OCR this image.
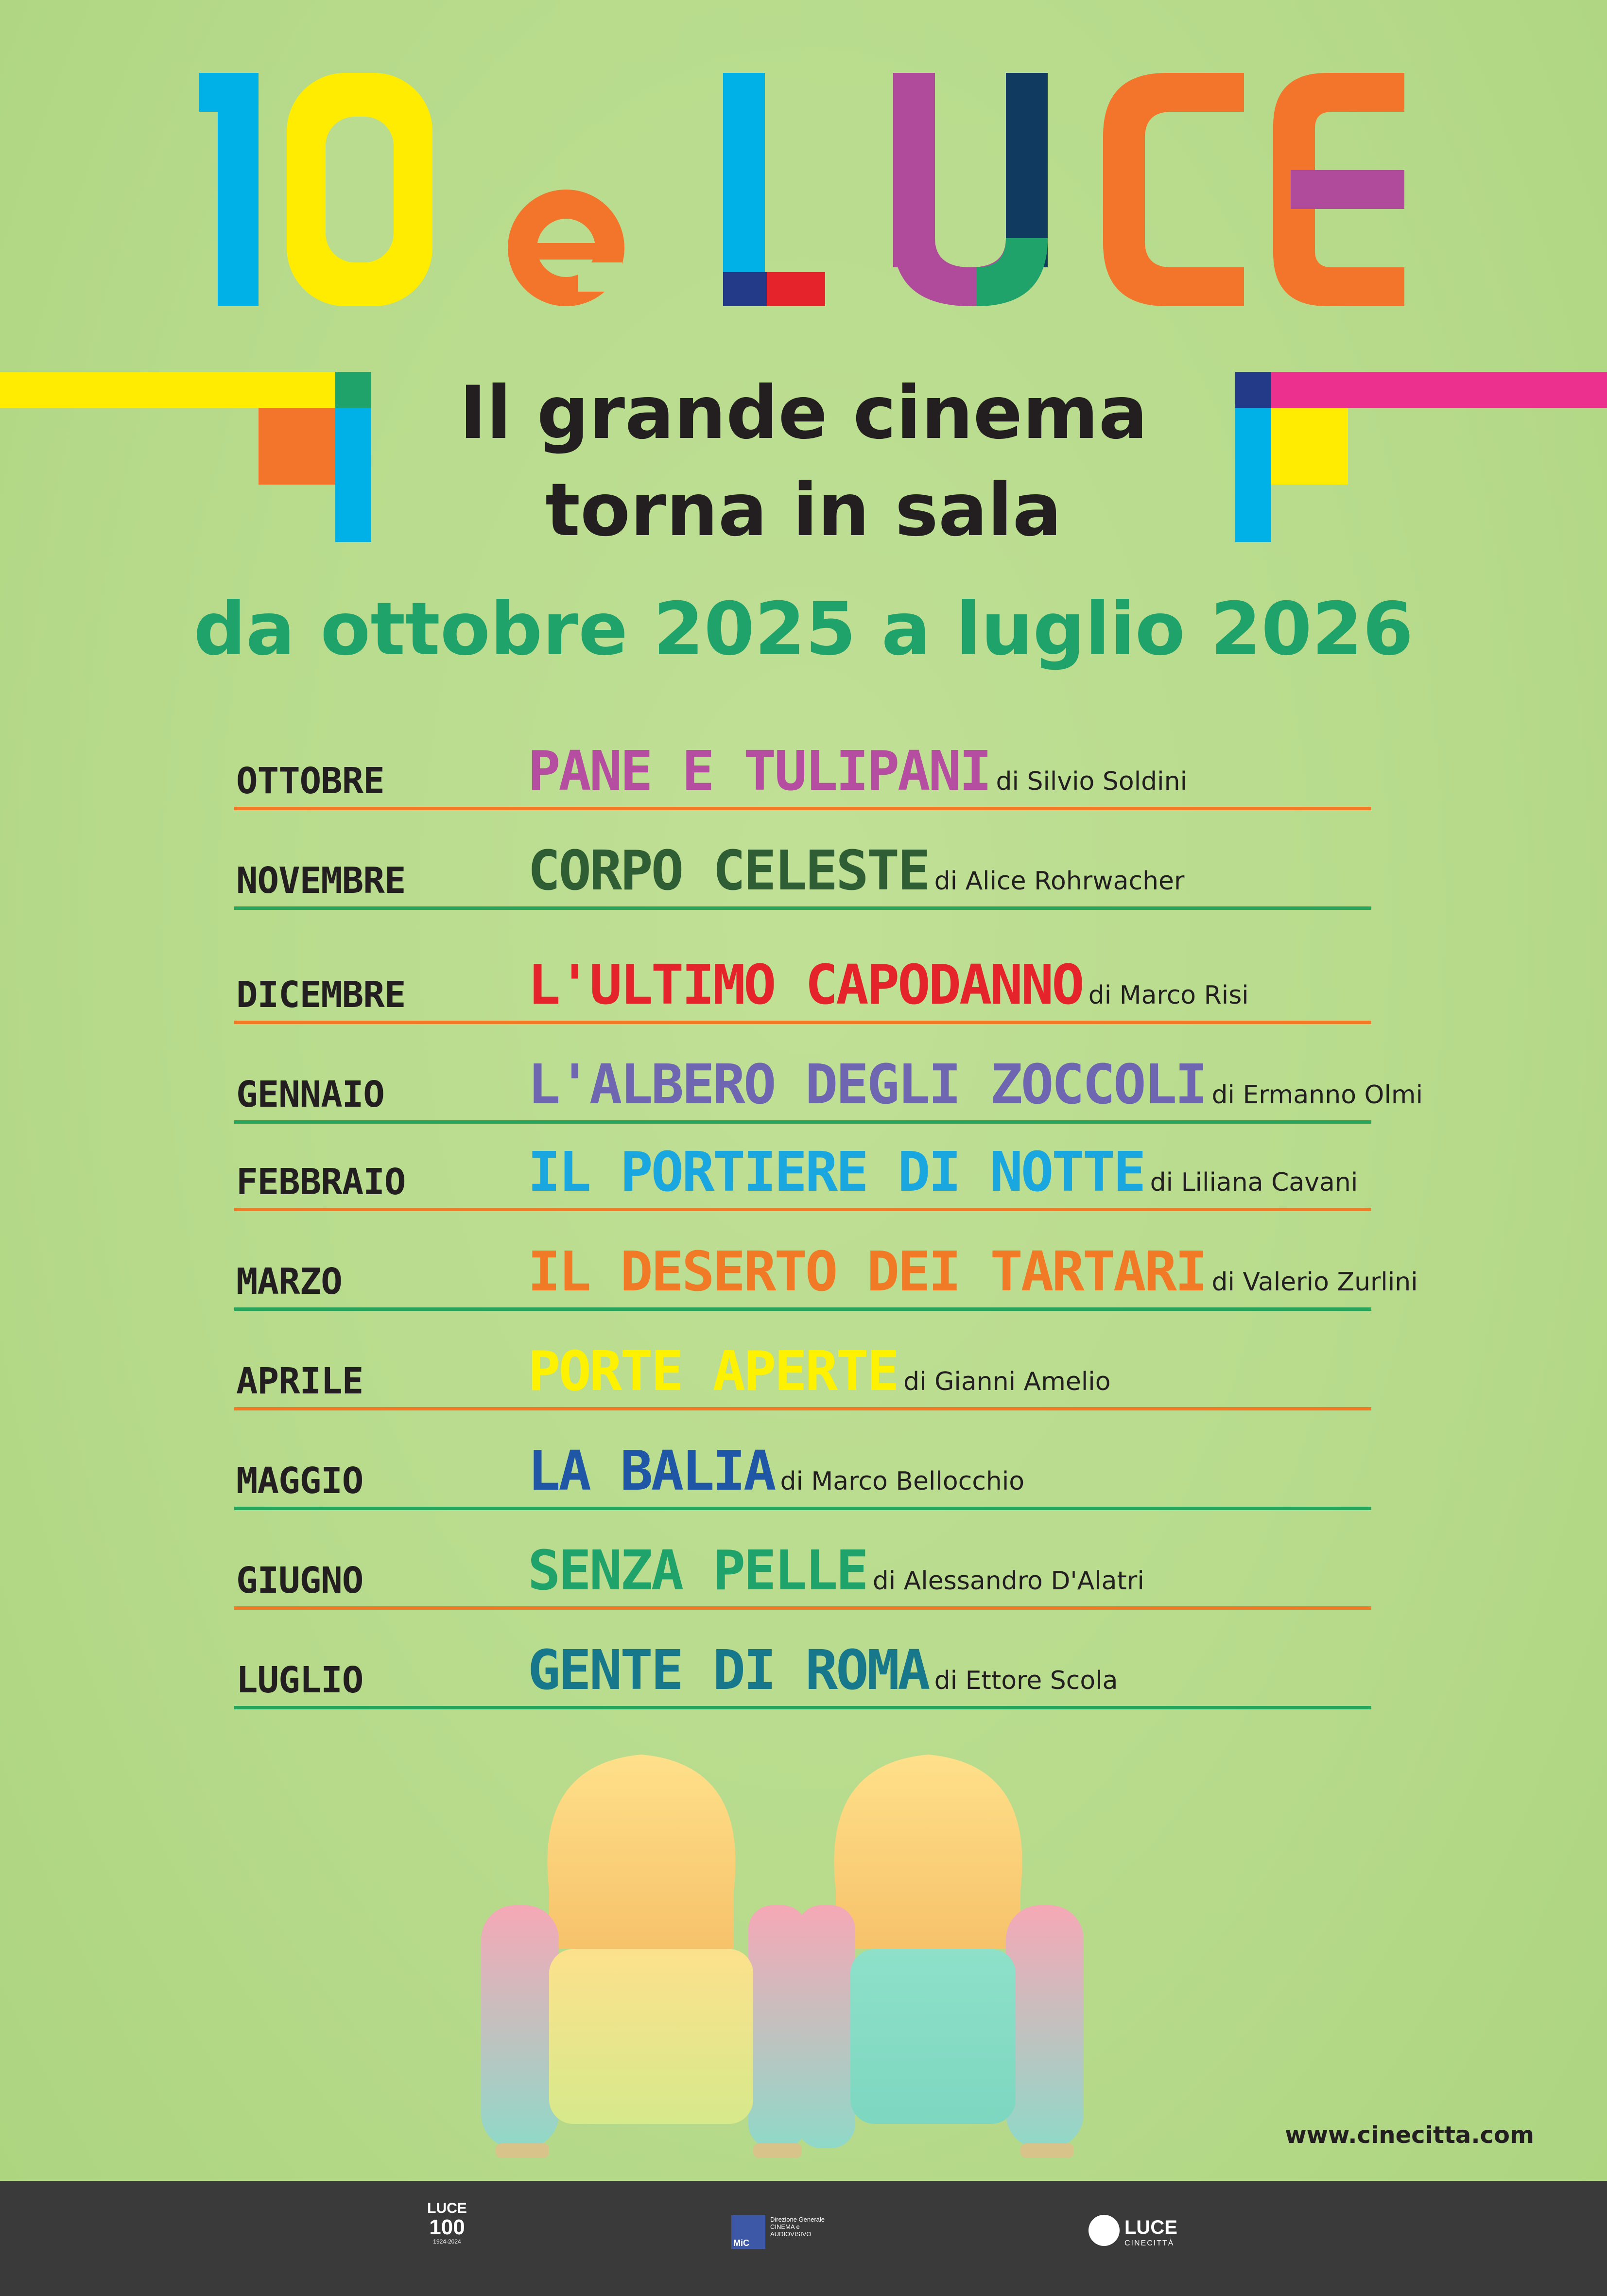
Il grande cinema
torna in sala
da ottobre 2025 a luglio 2026
OTTOBRE	PANE E TULIPANI di Silvio Soldini
NOVEMBRE CORPO CELESTE di Alice Rohrwacher
DICEMBRE L'ULTIMO CAPODANNO di Marco Risi
GENNAIO	L'ALBERO DEGLI ZOCCOLI di Ermanno Olmi
FEBBRAIO IL PORTIERE DI NOTTE di Liliana Cavani
MARZO	IL DESERTO DEI TARTARI di Valerio Zurlini
APRILE	PORTE APERTE di Gianni Amelio
MAGGIO	LA BALIA di Marco Bellocchio
GIUGNO	SENZA PELLE di Alessandro D'Alatri
LUGLIO	GENTE DI ROMA di Ettore Scola
www.cinecitta.com
LUCE
100
1924-2024	MiC
Direzione Generale
CINEMA e
AUDIOVISIVO	LUCE
CINECITTÀ
